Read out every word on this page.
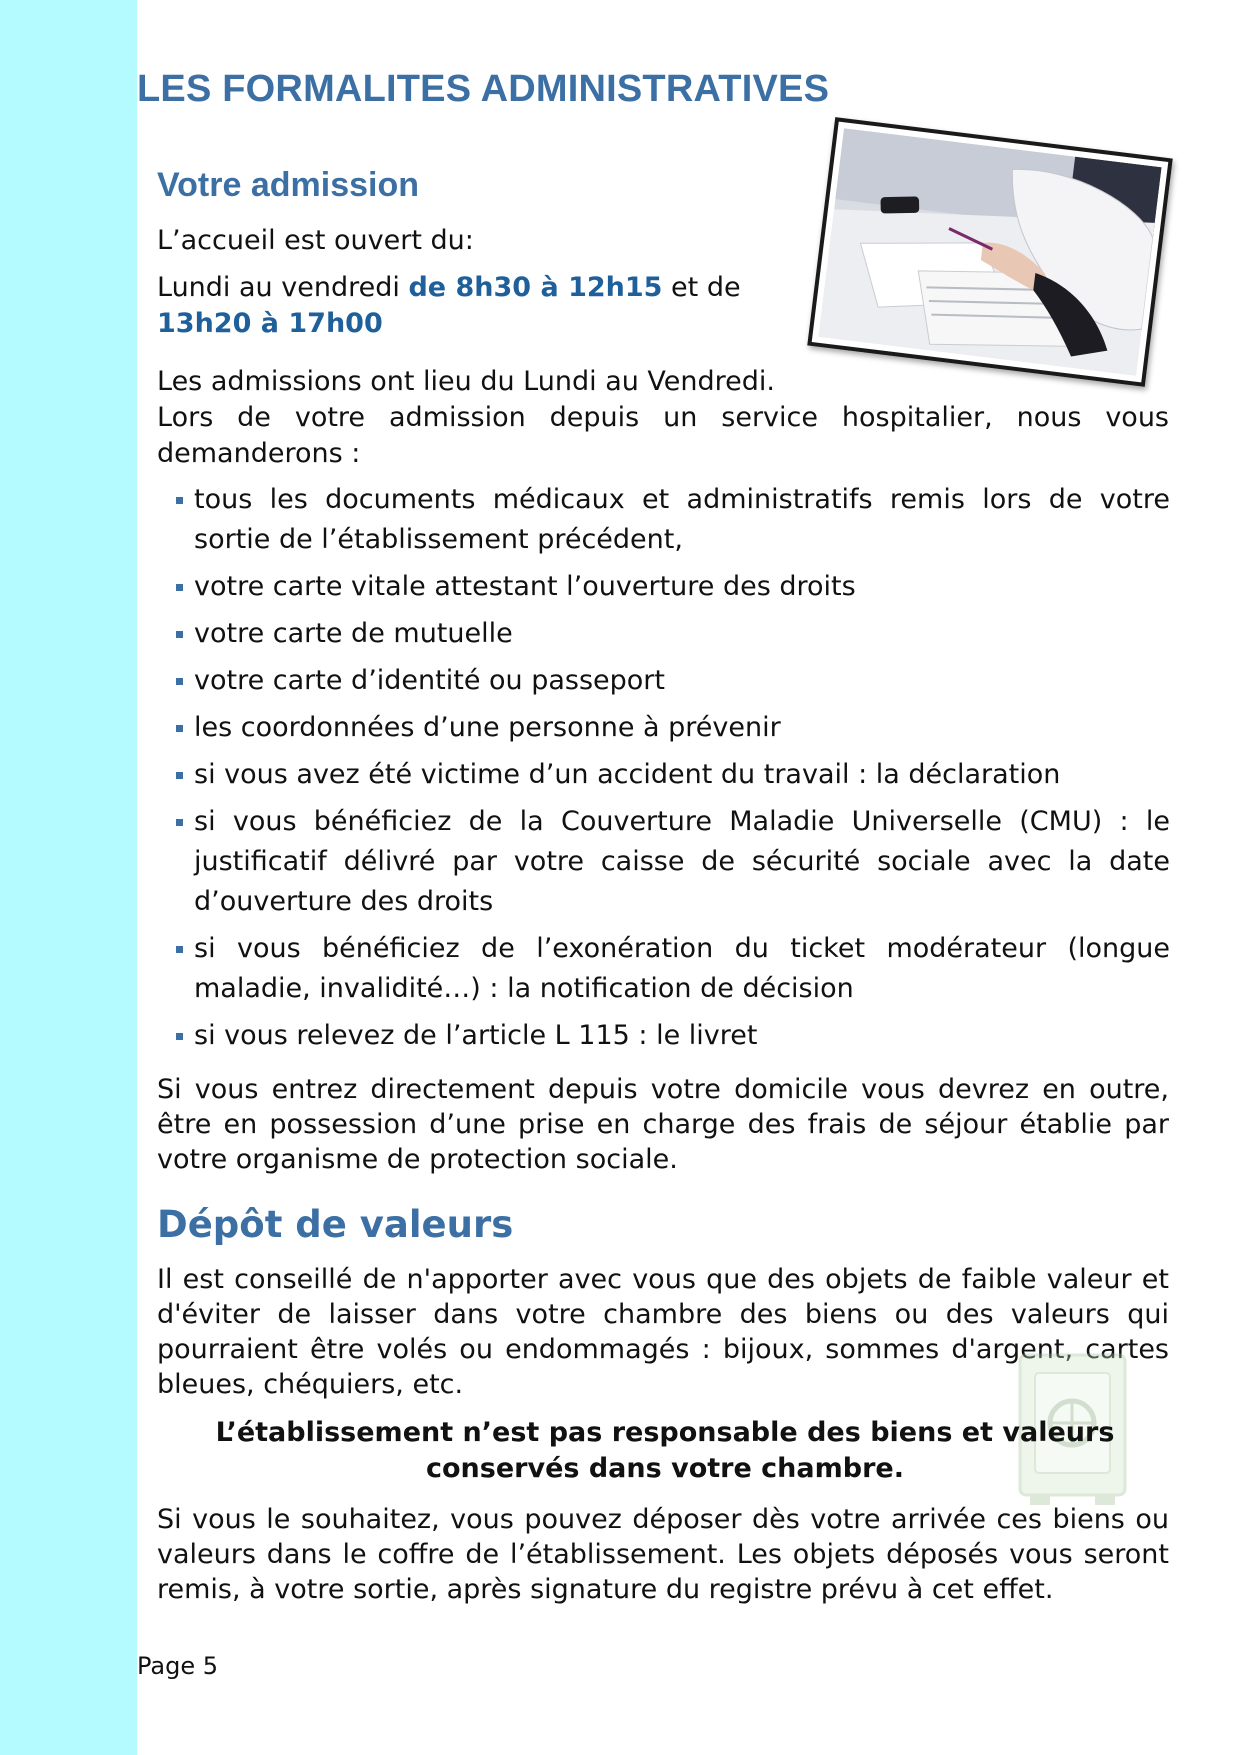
LES FORMALITES ADMINISTRATIVES
Votre admission

L’accueil est ouvert du:

Lundi au vendredi de 8h30 à 12h15 et de
13h20 à 17h00

Les admissions ont lieu du Lundi au Vendredi.

Lors de votre admission depuis un service hospitalier, nous vous
demanderons :

tous les documents médicaux et administratifs remis lors de votre sortie de l’établissement précédent,
votre carte vitale attestant l’ouverture des droits
votre carte de mutuelle
votre carte d’identité ou passeport
les coordonnées d’une personne à prévenir
si vous avez été victime d’un accident du travail : la déclaration
si vous bénéficiez de la Couverture Maladie Universelle (CMU) : le justificatif délivré par votre caisse de sécurité sociale avec la date d’ouverture des droits
si vous bénéficiez de l’exonération du ticket modérateur (longue maladie, invalidité…) : la notification de décision
si vous relevez de l’article L 115 : le livret

Si vous entrez directement depuis votre domicile vous devrez en outre, être en possession d’une prise en charge des frais de séjour établie par votre organisme de protection sociale.

Dépôt de valeurs

Il est conseillé de n'apporter avec vous que des objets de faible valeur et d'éviter de laisser dans votre chambre des biens ou des valeurs qui pourraient être volés ou endommagés : bijoux, sommes d'argent, cartes bleues, chéquiers, etc.

L’établissement n’est pas responsable des biens et valeurs
conservés dans votre chambre.

Si vous le souhaitez, vous pouvez déposer dès votre arrivée ces biens ou valeurs dans le coffre de l’établissement. Les objets déposés vous seront remis, à votre sortie, après signature du registre prévu à cet effet.

Page 5
